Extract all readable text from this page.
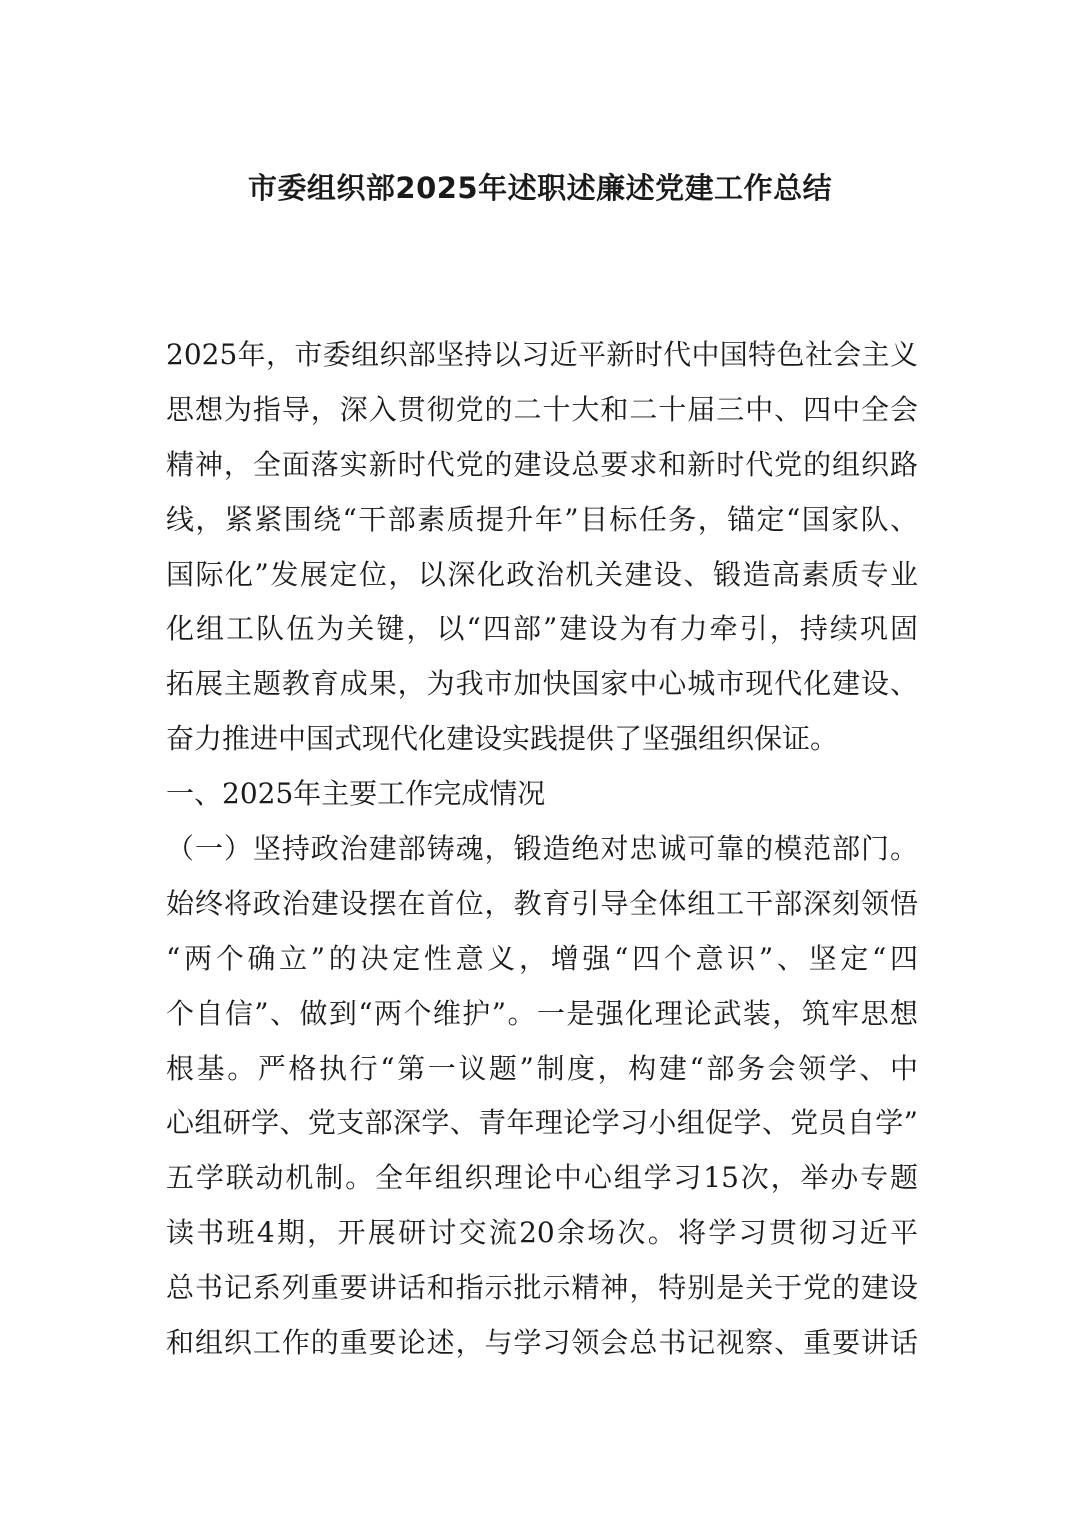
市委组织部2025年述职述廉述党建工作总结
2025年，市委组织部坚持以习近平新时代中国特色社会主义
思想为指导，深入贯彻党的二十大和二十届三中、四中全会
精神，全面落实新时代党的建设总要求和新时代党的组织路
线，紧紧围绕“干部素质提升年”目标任务，锚定“国家队、
国际化”发展定位，以深化政治机关建设、锻造高素质专业
化组工队伍为关键，以“四部”建设为有力牵引，持续巩固
拓展主题教育成果，为我市加快国家中心城市现代化建设、
奋力推进中国式现代化建设实践提供了坚强组织保证。
一、2025年主要工作完成情况
（一）坚持政治建部铸魂，锻造绝对忠诚可靠的模范部门。
始终将政治建设摆在首位，教育引导全体组工干部深刻领悟
“两个确立”的决定性意义，增强“四个意识”、坚定“四
个自信”、做到“两个维护”。一是强化理论武装，筑牢思想
根基。严格执行“第一议题”制度，构建“部务会领学、中
心组研学、党支部深学、青年理论学习小组促学、党员自学”
五学联动机制。全年组织理论中心组学习15次，举办专题
读书班4期，开展研讨交流20余场次。将学习贯彻习近平
总书记系列重要讲话和指示批示精神，特别是关于党的建设
和组织工作的重要论述，与学习领会总书记视察、重要讲话
